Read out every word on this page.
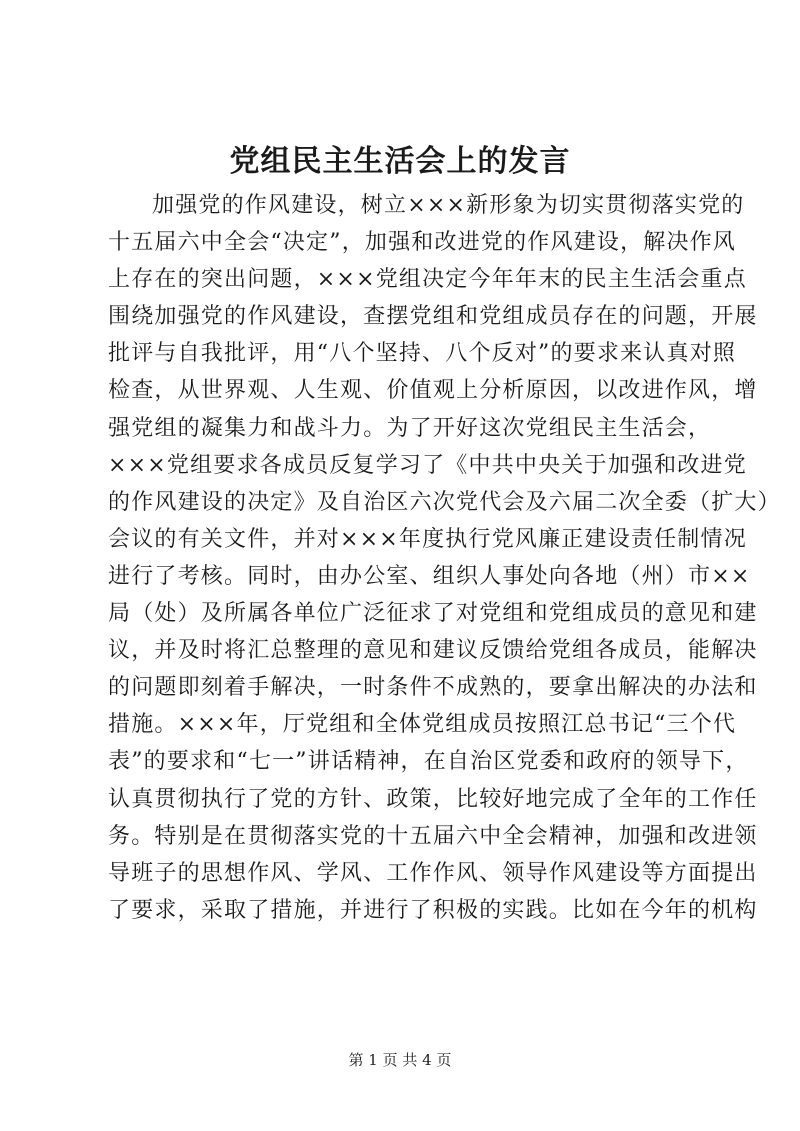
党组民主生活会上的发言
加强党的作风建设，树立×××新形象为切实贯彻落实党的
十五届六中全会“决定”，加强和改进党的作风建设，解决作风
上存在的突出问题，×××党组决定今年年末的民主生活会重点
围绕加强党的作风建设，查摆党组和党组成员存在的问题，开展
批评与自我批评，用“八个坚持、八个反对”的要求来认真对照
检查，从世界观、人生观、价值观上分析原因，以改进作风，增
强党组的凝集力和战斗力。为了开好这次党组民主生活会，
×××党组要求各成员反复学习了《中共中央关于加强和改进党
的作风建设的决定》及自治区六次党代会及六届二次全委（扩大）
会议的有关文件，并对×××年度执行党风廉正建设责任制情况
进行了考核。同时，由办公室、组织人事处向各地（州）市××
局（处）及所属各单位广泛征求了对党组和党组成员的意见和建
议，并及时将汇总整理的意见和建议反馈给党组各成员，能解决
的问题即刻着手解决，一时条件不成熟的，要拿出解决的办法和
措施。×××年，厅党组和全体党组成员按照江总书记“三个代
表”的要求和“七一”讲话精神，在自治区党委和政府的领导下，
认真贯彻执行了党的方针、政策，比较好地完成了全年的工作任
务。特别是在贯彻落实党的十五届六中全会精神，加强和改进领
导班子的思想作风、学风、工作作风、领导作风建设等方面提出
了要求，采取了措施，并进行了积极的实践。比如在今年的机构
第 1 页 共 4 页
